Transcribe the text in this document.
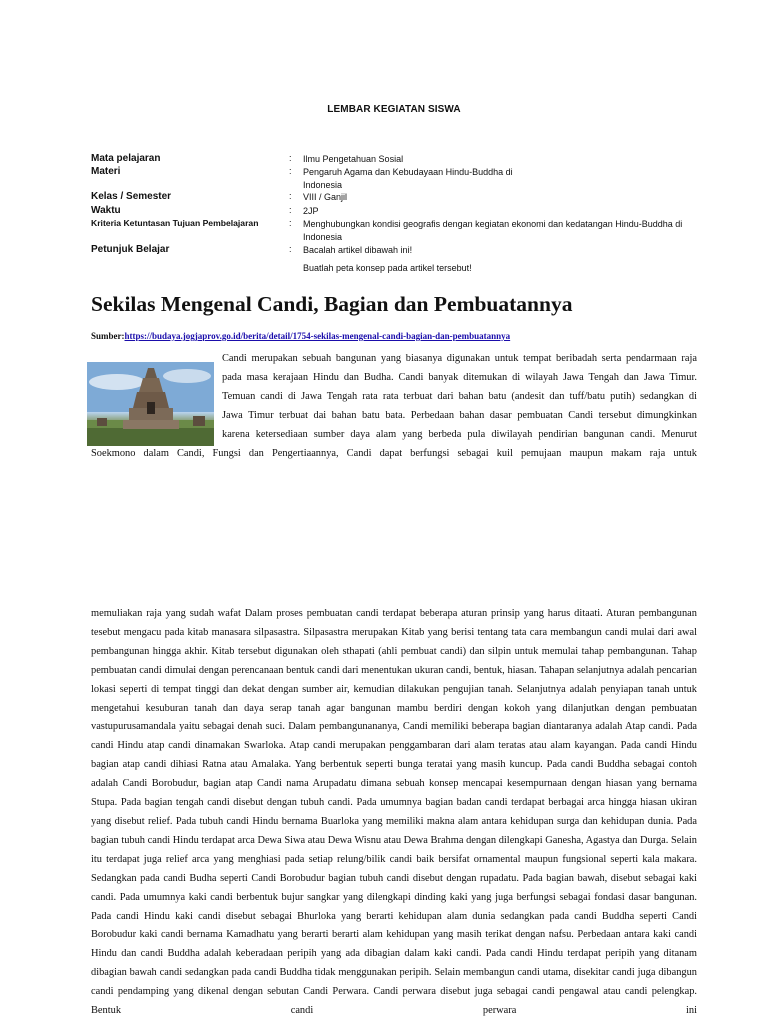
LEMBAR KEGIATAN SISWA
Mata pelajaran	: Ilmu Pengetahuan Sosial
Materi	: Pengaruh Agama dan Kebudayaan Hindu-Buddha di Indonesia
Kelas / Semester	: VIII / Ganjil
Waktu	: 2JP
Kriteria Ketuntasan Tujuan Pembelajaran	: Menghubungkan kondisi geografis dengan kegiatan ekonomi dan kedatangan Hindu-Buddha di Indonesia
Petunjuk Belajar	: Bacalah artikel dibawah ini!
Buatlah peta konsep pada artikel tersebut!
Sekilas Mengenal Candi, Bagian dan Pembuatannya
Sumber:https://budaya.jogjaprov.go.id/berita/detail/1754-sekilas-mengenal-candi-bagian-dan-pembuatannya
Candi merupakan sebuah bangunan yang biasanya digunakan untuk tempat beribadah serta pendarmaan raja
pada masa kerajaan Hindu dan Budha. Candi banyak ditemukan di wilayah Jawa Tengah dan Jawa Timur.
Temuan candi di Jawa Tengah rata rata terbuat dari bahan batu (andesit dan tuff/batu putih) sedangkan di
Jawa Timur terbuat dai bahan batu bata. Perbedaan bahan dasar pembuatan Candi tersebut dimungkinkan
karena ketersediaan sumber daya alam yang berbeda pula diwilayah pendirian bangunan candi. Menurut
Soekmono dalam Candi, Fungsi dan Pengertiaannya, Candi dapat berfungsi sebagai kuil pemujaan maupun makam raja untuk
memuliakan raja yang sudah wafat Dalam proses pembuatan candi terdapat beberapa aturan prinsip yang harus ditaati. Aturan pembangunan tesebut mengacu pada kitab manasara silpasastra. Silpasastra merupakan Kitab yang berisi tentang tata cara membangun candi mulai dari awal pembangunan hingga akhir. Kitab tersebut digunakan oleh sthapati (ahli pembuat candi) dan silpin untuk memulai tahap pembangunan. Tahap pembuatan candi dimulai dengan perencanaan bentuk candi dari menentukan ukuran candi, bentuk, hiasan. Tahapan selanjutnya adalah pencarian lokasi seperti di tempat tinggi dan dekat dengan sumber air, kemudian dilakukan pengujian tanah. Selanjutnya adalah penyiapan tanah untuk mengetahui kesuburan tanah dan daya serap tanah agar bangunan mambu berdiri dengan kokoh yang dilanjutkan dengan pembuatan vastupurusamandala yaitu sebagai denah suci. Dalam pembangunananya, Candi memiliki beberapa bagian diantaranya adalah Atap candi. Pada candi Hindu atap candi dinamakan Swarloka. Atap candi merupakan penggambaran dari alam teratas atau alam kayangan. Pada candi Hindu bagian atap candi dihiasi Ratna atau Amalaka. Yang berbentuk seperti bunga teratai yang masih kuncup. Pada candi Buddha sebagai contoh adalah Candi Borobudur, bagian atap Candi nama Arupadatu dimana sebuah konsep mencapai kesempurnaan dengan hiasan yang bernama Stupa. Pada bagian tengah candi disebut dengan tubuh candi. Pada umumnya bagian badan candi terdapat berbagai arca hingga hiasan ukiran yang disebut relief. Pada tubuh candi Hindu bernama Buarloka yang memiliki makna alam antara kehidupan surga dan kehidupan dunia. Pada bagian tubuh candi Hindu terdapat arca Dewa Siwa atau Dewa Wisnu atau Dewa Brahma dengan dilengkapi Ganesha, Agastya dan Durga. Selain itu terdapat juga relief arca yang menghiasi pada setiap relung/bilik candi baik bersifat ornamental maupun fungsional seperti kala makara. Sedangkan pada candi Budha seperti Candi Borobudur bagian tubuh candi disebut dengan rupadatu. Pada bagian bawah, disebut sebagai kaki candi. Pada umumnya kaki candi berbentuk bujur sangkar yang dilengkapi dinding kaki yang juga berfungsi sebagai fondasi dasar bangunan. Pada candi Hindu kaki candi disebut sebagai Bhurloka yang berarti kehidupan alam dunia sedangkan pada candi Buddha seperti Candi Borobudur kaki candi bernama Kamadhatu yang berarti berarti alam kehidupan yang masih terikat dengan nafsu. Perbedaan antara kaki candi Hindu dan candi Buddha adalah keberadaan peripih yang ada dibagian dalam kaki candi. Pada candi Hindu terdapat peripih yang ditanam dibagian bawah candi sedangkan pada candi Buddha tidak menggunakan peripih. Selain membangun candi utama, disekitar candi juga dibangun candi pendamping yang dikenal dengan sebutan Candi Perwara. Candi perwara disebut juga sebagai candi pengawal atau candi pelengkap. Bentuk candi perwara ini
